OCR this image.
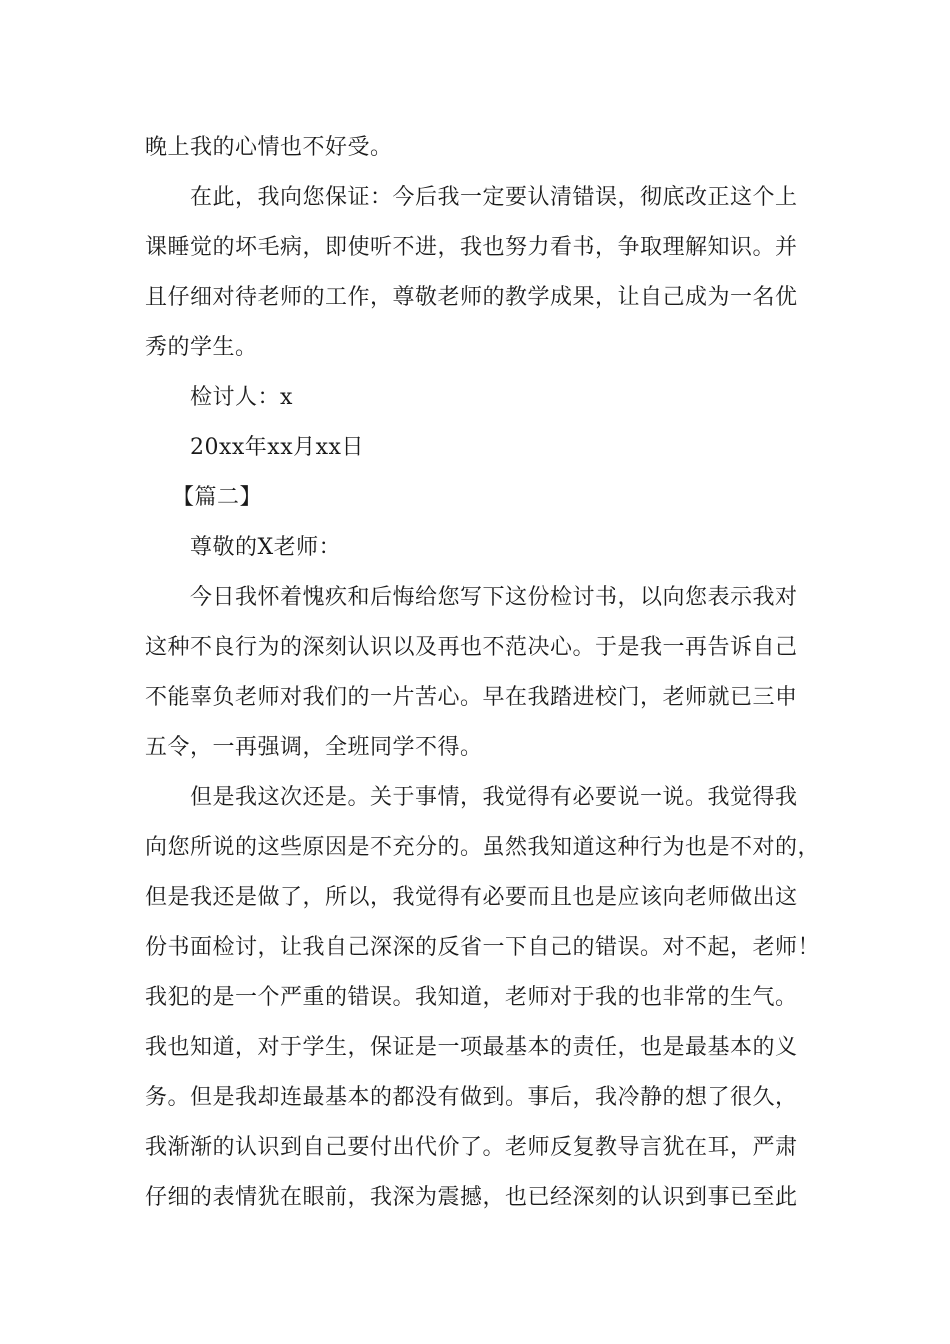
晚上我的心情也不好受。
在此，我向您保证：今后我一定要认清错误，彻底改正这个上
课睡觉的坏毛病，即使听不进，我也努力看书，争取理解知识。并
且仔细对待老师的工作，尊敬老师的教学成果，让自己成为一名优
秀的学生。
检讨人：x
20xx年xx月xx日
【篇二】
尊敬的X老师：
今日我怀着愧疚和后悔给您写下这份检讨书，以向您表示我对
这种不良行为的深刻认识以及再也不范决心。于是我一再告诉自己
不能辜负老师对我们的一片苦心。早在我踏进校门，老师就已三申
五令，一再强调，全班同学不得。
但是我这次还是。关于事情，我觉得有必要说一说。我觉得我
向您所说的这些原因是不充分的。虽然我知道这种行为也是不对的，
但是我还是做了，所以，我觉得有必要而且也是应该向老师做出这
份书面检讨，让我自己深深的反省一下自己的错误。对不起，老师！
我犯的是一个严重的错误。我知道，老师对于我的也非常的生气。
我也知道，对于学生，保证是一项最基本的责任，也是最基本的义
务。但是我却连最基本的都没有做到。事后，我冷静的想了很久，
我渐渐的认识到自己要付出代价了。老师反复教导言犹在耳，严肃
仔细的表情犹在眼前，我深为震撼，也已经深刻的认识到事已至此
